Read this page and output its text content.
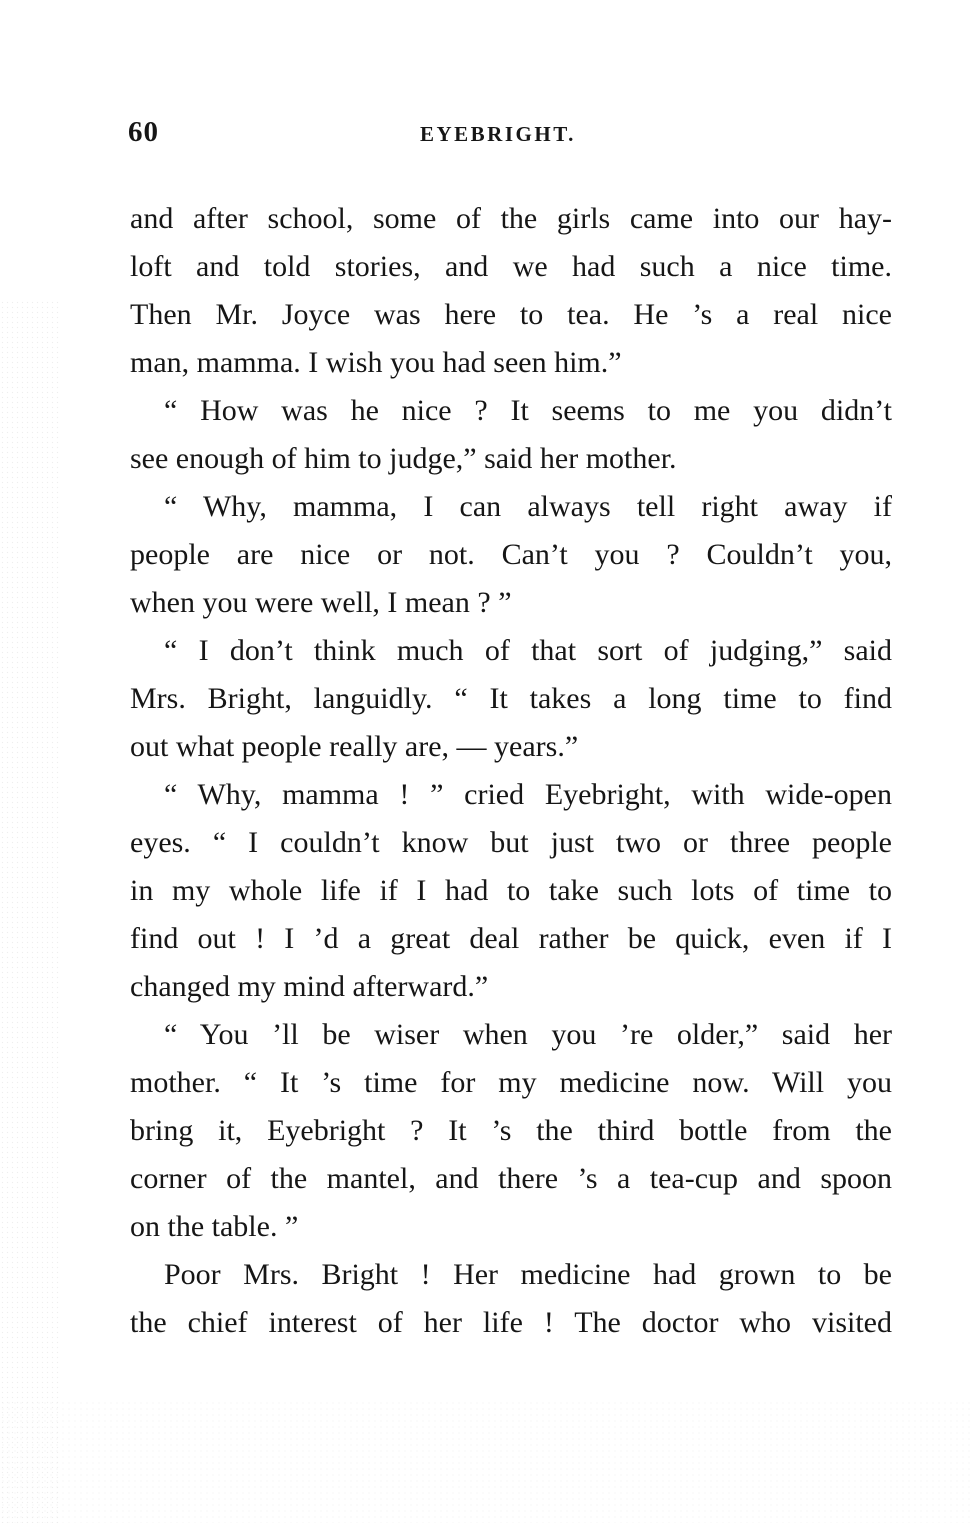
60	EYEBRIGHT.
and after school, some of the girls came into our hay-
loft and told stories, and we had such a nice time.
Then Mr. Joyce was here to tea. He ’s a real nice
man, mamma. I wish you had seen him.”
“ How was he nice ? It seems to me you didn’t
see enough of him to judge,” said her mother.
“ Why, mamma, I can always tell right away if
people are nice or not. Can’t you ? Couldn’t you,
when you were well, I mean ? ”
“ I don’t think much of that sort of judging,” said
Mrs. Bright, languidly. “ It takes a long time to find
out what people really are, — years.”
“ Why, mamma ! ” cried Eyebright, with wide-open
eyes. “ I couldn’t know but just two or three people
in my whole life if I had to take such lots of time to
find out ! I ’d a great deal rather be quick, even if I
changed my mind afterward.”
“ You ’ll be wiser when you ’re older,” said her
mother. “ It ’s time for my medicine now. Will you
bring it, Eyebright ? It ’s the third bottle from the
corner of the mantel, and there ’s a tea-cup and spoon
on the table. ”
Poor Mrs. Bright ! Her medicine had grown to be
the chief interest of her life ! The doctor who visited
